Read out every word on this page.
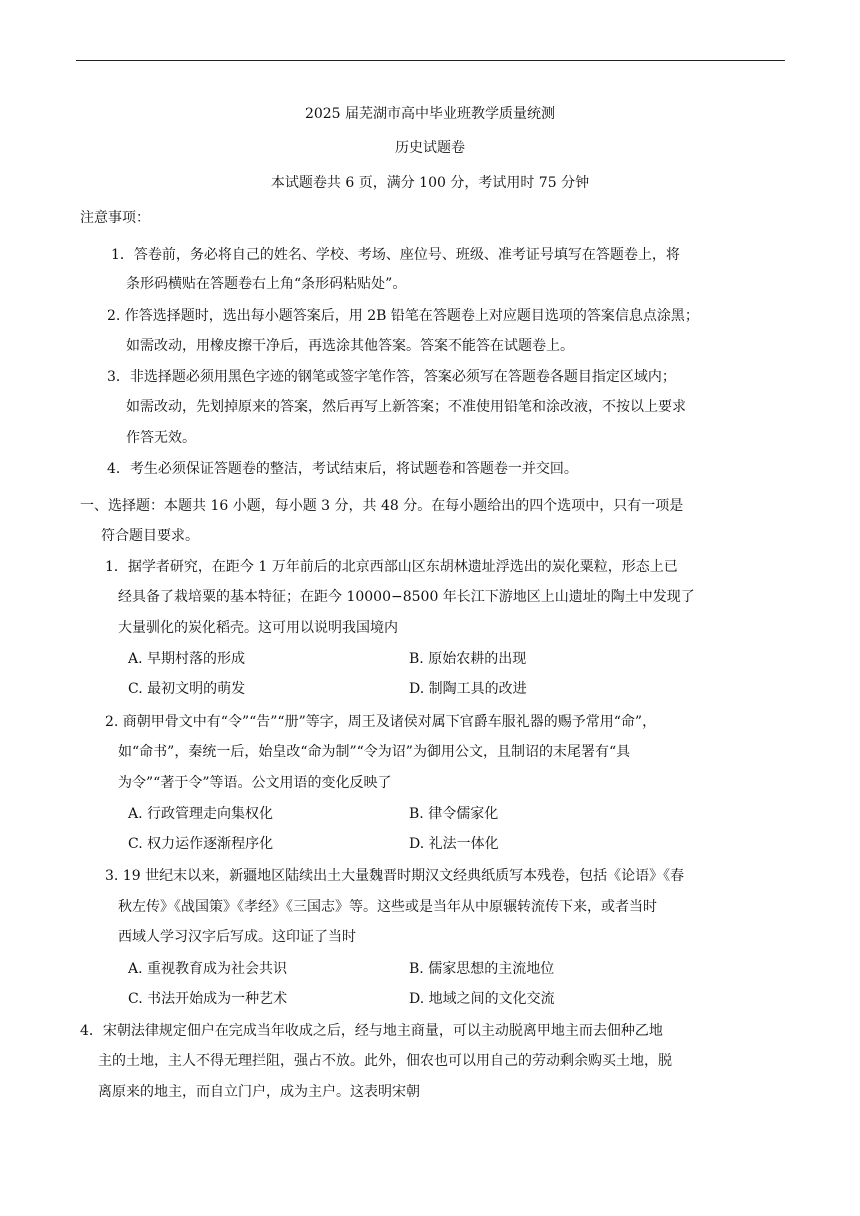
2025 届芜湖市高中毕业班教学质量统测
历史试题卷
本试题卷共 6 页，满分 100 分，考试用时 75 分钟
注意事项：
1．答卷前，务必将自己的姓名、学校、考场、座位号、班级、准考证号填写在答题卷上，将
条形码横贴在答题卷右上角“条形码粘贴处”。
2. 作答选择题时，选出每小题答案后，用 2B 铅笔在答题卷上对应题目选项的答案信息点涂黑；
如需改动，用橡皮擦干净后，再选涂其他答案。答案不能答在试题卷上。
3．非选择题必须用黑色字迹的钢笔或签字笔作答，答案必须写在答题卷各题目指定区域内；
如需改动，先划掉原来的答案，然后再写上新答案；不准使用铅笔和涂改液，不按以上要求
作答无效。
4．考生必须保证答题卷的整洁，考试结束后，将试题卷和答题卷一并交回。
一、选择题：本题共 16 小题，每小题 3 分，共 48 分。在每小题给出的四个选项中，只有一项是
符合题目要求。
1．据学者研究，在距今 1 万年前后的北京西部山区东胡林遗址浮选出的炭化粟粒，形态上已
经具备了栽培粟的基本特征；在距今 10000−8500 年长江下游地区上山遗址的陶土中发现了
大量驯化的炭化稻壳。这可用以说明我国境内
A. 早期村落的形成	B. 原始农耕的出现
C. 最初文明的萌发	D. 制陶工具的改进
2. 商朝甲骨文中有“令”“告”“册”等字，周王及诸侯对属下官爵车服礼器的赐予常用“命”，
如“命书”，秦统一后，始皇改“命为制”“令为诏”为御用公文，且制诏的末尾署有“具
为令”“著于令”等语。公文用语的变化反映了
A. 行政管理走向集权化	B. 律令儒家化
C. 权力运作逐渐程序化	D. 礼法一体化
3. 19 世纪末以来，新疆地区陆续出土大量魏晋时期汉文经典纸质写本残卷，包括《论语》《春
秋左传》《战国策》《孝经》《三国志》等。这些或是当年从中原辗转流传下来，或者当时
西域人学习汉字后写成。这印证了当时
A. 重视教育成为社会共识	B. 儒家思想的主流地位
C. 书法开始成为一种艺术	D. 地域之间的文化交流
4．宋朝法律规定佃户在完成当年收成之后，经与地主商量，可以主动脱离甲地主而去佃种乙地
主的土地，主人不得无理拦阻，强占不放。此外，佃农也可以用自己的劳动剩余购买土地，脱
离原来的地主，而自立门户，成为主户。这表明宋朝
